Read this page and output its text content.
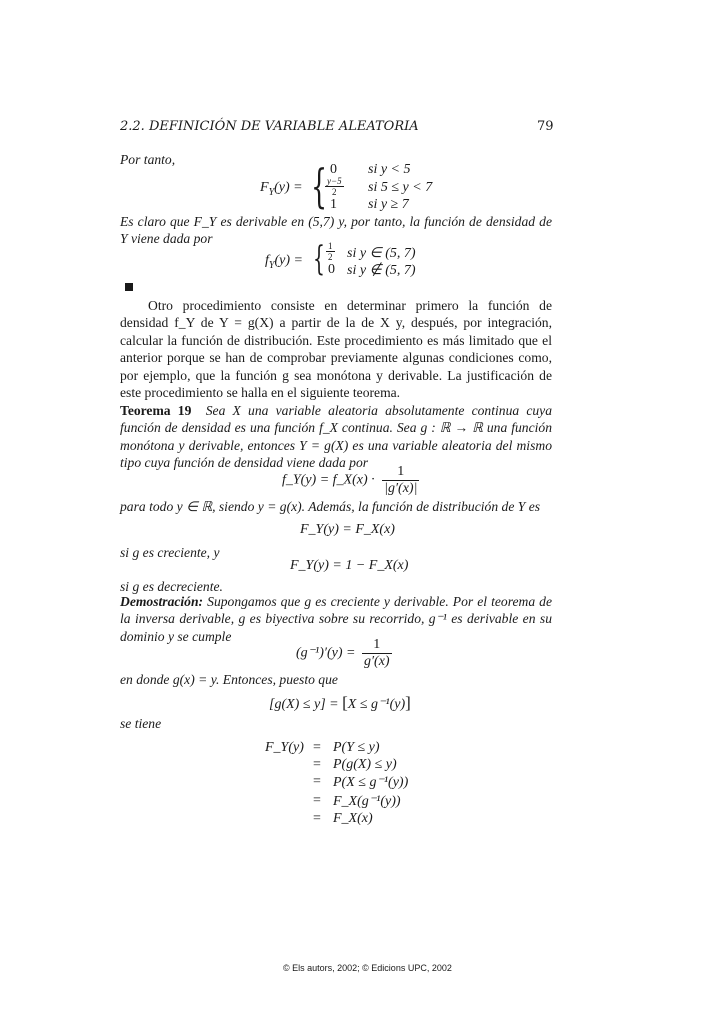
2.2. DEFINICIÓN DE VARIABLE ALEATORIA	79
Por tanto,
$F_Y(y)$ = { 0 si y < 5
$\frac{y-5}{2}$ si 5 ≤ y < 7
1 si y ≥ 7
Es claro que F_Y es derivable en (5,7) y, por tanto, la función de densidad de Y viene dada por
$f_Y(y)$ = { $\frac{1}{2}$ si y ∈ (5, 7)
0 si y ∉ (5, 7)
Otro procedimiento consiste en determinar primero la función de densidad f_Y de Y = g(X) a partir de la de X y, después, por integración, calcular la función de distribución. Este procedimiento es más limitado que el anterior porque se han de comprobar previamente algunas condiciones como, por ejemplo, que la función g sea monótona y derivable. La justificación de este procedimiento se halla en el siguiente teorema.
Teorema 19 Sea X una variable aleatoria absolutamente continua cuya función de densidad es una función f_X continua. Sea g : ℝ → ℝ una función monótona y derivable, entonces Y = g(X) es una variable aleatoria del mismo tipo cuya función de densidad viene dada por
f_Y(y) = f_X(x) · $\frac{1}{|g'(x)|}$
para todo y ∈ ℝ, siendo y = g(x). Además, la función de distribución de Y es
F_Y(y) = F_X(x)
si g es creciente, y
F_Y(y) = 1 − F_X(x)
si g es decreciente.
Demostración: Supongamos que g es creciente y derivable. Por el teorema de la inversa derivable, g es biyectiva sobre su recorrido, g⁻¹ es derivable en su dominio y se cumple
$(g^{-1})'(y) = \frac{1}{g'(x)}$
en donde g(x) = y. Entonces, puesto que
[g(X) ≤ y] = [X ≤ g⁻¹(y)]
se tiene
F_Y(y) = P(Y ≤ y)
= P(g(X) ≤ y)
= P(X ≤ g⁻¹(y))
= F_X(g⁻¹(y))
= F_X(x)
© Els autors, 2002; © Edicions UPC, 2002
